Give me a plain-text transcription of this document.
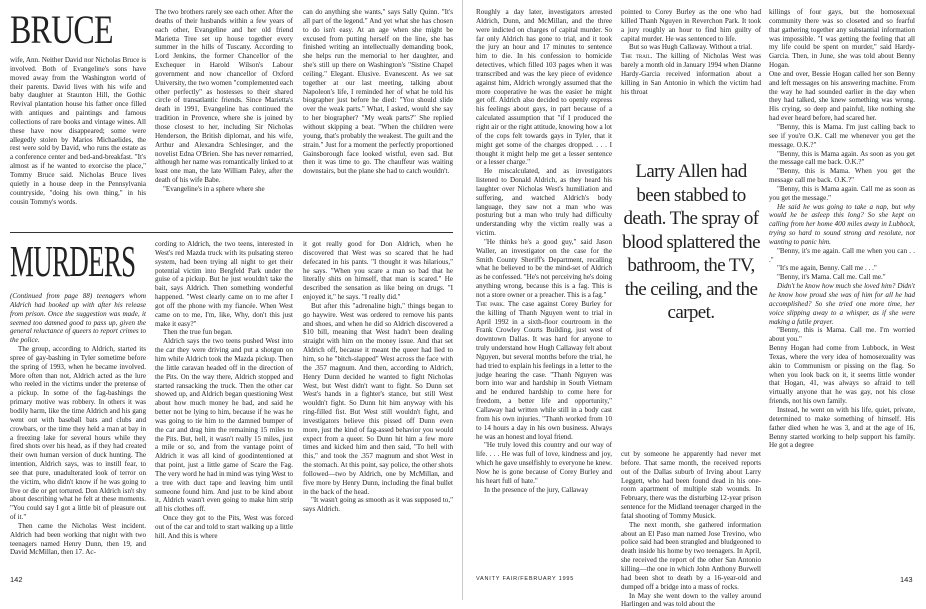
BRUCE

wife, Ann. Neither David nor Nicholas Bruce is involved. Both of Evangeline's sons have moved away from the Washington world of their parents. David lives with his wife and baby daughter at Staunton Hill, the Gothic Revival plantation house his father once filled with antiques and paintings and famous collections of rare books and vintage wines. All these have now disappeared; some were allegedly stolen by Marios Michaelides, the rest were sold by David, who runs the estate as a conference center and bed-and-breakfast. "It's almost as if he wanted to exorcise the place," Tommy Bruce said. Nicholas Bruce lives quietly in a house deep in the Pennsylvania countryside, "doing his own thing," in his cousin Tommy's words.

The two brothers rarely see each other. After the deaths of their husbands within a few years of each other, Evangeline and her old friend Marietta Tree set up house together every summer in the hills of Tuscany. According to Lord Jenkins, the former Chancellor of the Exchequer in Harold Wilson's Labour government and now chancellor of Oxford University, the two women "complemented each other perfectly" as hostesses to their shared circle of transatlantic friends. Since Marietta's death in 1991, Evangeline has continued the tradition in Provence, where she is joined by those closest to her, including Sir Nicholas Henderson, the British diplomat, and his wife, Arthur and Alexandra Schlesinger, and the novelist Edna O'Brien. She has never remarried, although her name was romantically linked to at least one man, the late William Paley, after the death of his wife Babe.

"Evangeline's in a sphere where she

can do anything she wants," says Sally Quinn. "It's all part of the legend." And yet what she has chosen to do isn't easy. At an age when she might be excused from putting herself on the line, she has finished writing an intellectually demanding book, she helps run the memorial to her daughter, and she's still up there on Washington's "Sistine Chapel ceiling." Elegant. Elusive. Evanescent. As we sat together at our last meeting, talking about Napoleon's life, I reminded her of what he told his biographer just before he died: "You should slide over the weak parts." What, I asked, would she say to her biographer? "My weak parts?" She replied without skipping a beat. "When the children were young, that's probably the weakest. The guilt and the strain." Just for a moment the perfectly proportioned Gainsborough face looked wistful, even sad. But then it was time to go. The chauffeur was waiting downstairs, but the plane she had to catch wouldn't.

MURDERS

(Continued from page 88) teenagers whom Aldrich had hooked up with after his release from prison. Once the suggestion was made, it seemed too damned good to pass up, given the general reluctance of queers to report crimes to the police.

The group, according to Aldrich, started its spree of gay-bashing in Tyler sometime before the spring of 1993, when he became involved. More often than not, Aldrich acted as the lure who reeled in the victims under the pretense of a pickup. In some of the fag-bashings the primary motive was robbery. In others it was bodily harm, like the time Aldrich and his gang went out with baseball bats and clubs and crowbars, or the time they held a man at bay in a freezing lake for several hours while they fired shots over his head, as if they had created their own human version of duck hunting. The intention, Aldrich says, was to instill fear, to see that pure, unadulterated look of terror on the victim, who didn't know if he was going to live or die or get tortured. Don Aldrich isn't shy about describing what he felt at these moments. "You could say I got a little bit of pleasure out of it."

Then came the Nicholas West incident. Aldrich had been working that night with two teenagers named Henry Dunn, then 19, and David McMillan, then 17. Ac-

cording to Aldrich, the two teens, interested in West's red Mazda truck with its pulsating stereo system, had been trying all night to get their potential victim into Bergfeld Park under the guise of a pickup. But he just wouldn't take the bait, says Aldrich. Then something wonderful happened. "West clearly came on to me after I got off the phone with my fiancée. When West came on to me, I'm, like, Why, don't this just make it easy?"

Then the true fun began.

Aldrich says the two teens pushed West into the car they were driving and put a shotgun on him while Aldrich took the Mazda pickup. Then the little caravan headed off in the direction of the Pits. On the way there, Aldrich stopped and started ransacking the truck. Then the other car showed up, and Aldrich began questioning West about how much money he had, and said he better not be lying to him, because if he was he was going to tie him to the damned bumper of the car and drag him the remaining 15 miles to the Pits. But, hell, it wasn't really 15 miles, just a mile or so, and from the vantage point of Aldrich it was all kind of goodintentioned at that point, just a little game of Scare the Fag. The very word he had in mind was tying West to a tree with duct tape and leaving him until someone found him. And just to be kind about it, Aldrich wasn't even going to make him strip all his clothes off.

Once they got to the Pits, West was forced out of the car and told to start walking up a little hill. And this is where

it got really good for Don Aldrich, when he discovered that West was so scared that he had defecated in his pants. "I thought it was hilarious," he says. "When you scare a man so bad that he literally shits on himself, that man is scared." He described the sensation as like being on drugs. "I enjoyed it," he says. "I really did."

But after this "adrenaline high," things began to go haywire. West was ordered to remove his pants and shoes, and when he did so Aldrich discovered a $10 bill, meaning that West hadn't been dealing straight with him on the money issue. And that set Aldrich off, because it meant the queer had lied to him, so he "bitch-slapped" West across the face with the .357 magnum. And then, according to Aldrich, Henry Dunn decided he wanted to fight Nicholas West, but West didn't want to fight. So Dunn set West's hands in a fighter's stance, but still West wouldn't fight. So Dunn hit him anyway with his ring-filled fist. But West still wouldn't fight, and investigators believe this pissed off Dunn even more, just the kind of fag-assed behavior you would expect from a queer. So Dunn hit him a few more times and kicked him and then said, "To hell with this," and took the .357 magnum and shot West in the stomach. At this point, say police, the other shots followed—two by Aldrich, one by McMillan, and five more by Henry Dunn, including the final bullet in the back of the head.

"It wasn't going as smooth as it was supposed to," says Aldrich.

142

Roughly a day later, investigators arrested Aldrich, Dunn, and McMillan, and the three were indicted on charges of capital murder. So far only Aldrich has gone to trial, and it took the jury an hour and 17 minutes to sentence him to die. In his confession to homicide detectives, which filled 103 pages when it was transcribed and was the key piece of evidence against him, Aldrich wrongly assumed that the more cooperative he was the easier he might get off. Aldrich also decided to openly express his feelings about gays, in part because of a calculated assumption that "if I produced the right air or the right attitude, knowing how a lot of the cops felt towards gays in Tyler, that it might get some of the charges dropped. . . . I thought it might help me get a lesser sentence or a lesser charge."

He miscalculated, and as investigators listened to Donald Aldrich, as they heard his laughter over Nicholas West's humiliation and suffering, and watched Aldrich's body language, they saw not a man who was posturing but a man who truly had difficulty understanding why the victim really was a victim.

"He thinks he's a good guy," said Jason Waller, an investigator on the case for the Smith County Sheriff's Department, recalling what he believed to be the mind-set of Aldrich as he confessed. "He's not perceiving he's doing anything wrong, because this is a fag. This is not a store owner or a preacher. This is a fag."

The park. The case against Corey Burley for the killing of Thanh Nguyen went to trial in April 1992 in a sixth-floor courtroom in the Frank Crowley Courts Building, just west of downtown Dallas. It was hard for anyone to truly understand how Hugh Callaway felt about Nguyen, but several months before the trial, he had tried to explain his feelings in a letter to the judge hearing the case. "Thanh Nguyen was born into war and hardship in South Vietnam and he endured hardship to come here for freedom, a better life and opportunity," Callaway had written while still in a body cast from his own injuries. "Thanh worked from 10 to 14 hours a day in his own business. Always he was an honest and loyal friend.

"He truly loved this country and our way of life. . . . He was full of love, kindness and joy, which he gave unselfishly to everyone he knew. Now he is gone because of Corey Burley and his heart full of hate."

In the presence of the jury, Callaway

pointed to Corey Burley as the one who had killed Thanh Nguyen in Reverchon Park. It took a jury roughly an hour to find him guilty of capital murder. He was sentenced to life.

But so was Hugh Callaway. Without a trial.

The trail. The killing of Nicholas West was barely a month old in January 1994 when Dianne Hardy-Garcia received information about a killing in San Antonio in which the victim had his throat

Larry Allen had been stabbed to death. The spray of blood splattered the bathroom, the TV, the ceiling, and the carpet.

cut by someone he apparently had never met before. That same month, the received reports out of the Dallas suburb of Irving about Larry Leggett, who had been found dead in his one-room apartment of multiple stab wounds. In February, there was the disturbing 12-year prison sentence for the Midland teenager charged in the fatal shooting of Tommy Musick.

The next month, she gathered information about an El Paso man named Jose Trevino, who police said had been strangled and bludgeoned to death inside his home by two teenagers. In April, she received the report of the other San Antonio killing—the one in which John Anthony Burwell had been shot to death by a 16-year-old and dumped off a bridge into a mass of rocks.

In May she went down to the valley around Harlingen and was told about the

killings of four gays, but the homosexual community there was so closeted and so fearful that gathering together any substantial information was impossible. "I was getting the feeling that all my life could be spent on murder," said Hardy-Garcia. Then, in June, she was told about Benny Hogan.

One and over, Bessie Hogan called her son Benny and left messages on his answering machine. From the way he had sounded earlier in the day when they had talked, she knew something was wrong. His crying, so deep and painful, like nothing she had ever heard before, had scared her.

"Benny, this is Mama. I'm just calling back to see if you're O.K. Call me whenever you get the message. O.K.?"

"Benny, this is Mama again. As soon as you get the message call me back. O.K.?"

"Benny, this is Mama. When you get the message call me back. O.K.?"

"Benny, this is Mama again. Call me as soon as you get the message."

He said he was going to take a nap, but why would he be asleep this long? So she kept on calling from her home 400 miles away in Lubbock, trying so hard to sound strong and resolute, not wanting to panic him.

"Benny, it's me again. Call me when you can . . ."

"It's me again, Benny. Call me . . ."

"Benny, it's Mama. Call me. Call me."

Didn't he know how much she loved him? Didn't he know how proud she was of him for all he had accomplished? So she tried one more time, her voice slipping away to a whisper, as if she were making a futile prayer.

"Benny, this is Mama. Call me. I'm worried about you."

Benny Hogan had come from Lubbock, in West Texas, where the very idea of homosexuality was akin to Communism or pissing on the flag. So when you look back on it, it seems little wonder that Hogan, 41, was always so afraid to tell virtually anyone that he was gay, not his close friends, not his own family.

Instead, he went on with his life, quiet, private, determined to make something of himself. His father died when he was 3, and at the age of 16, Benny started working to help support his family. He got a degree

VANITY FAIR/FEBRUARY 1995	143
